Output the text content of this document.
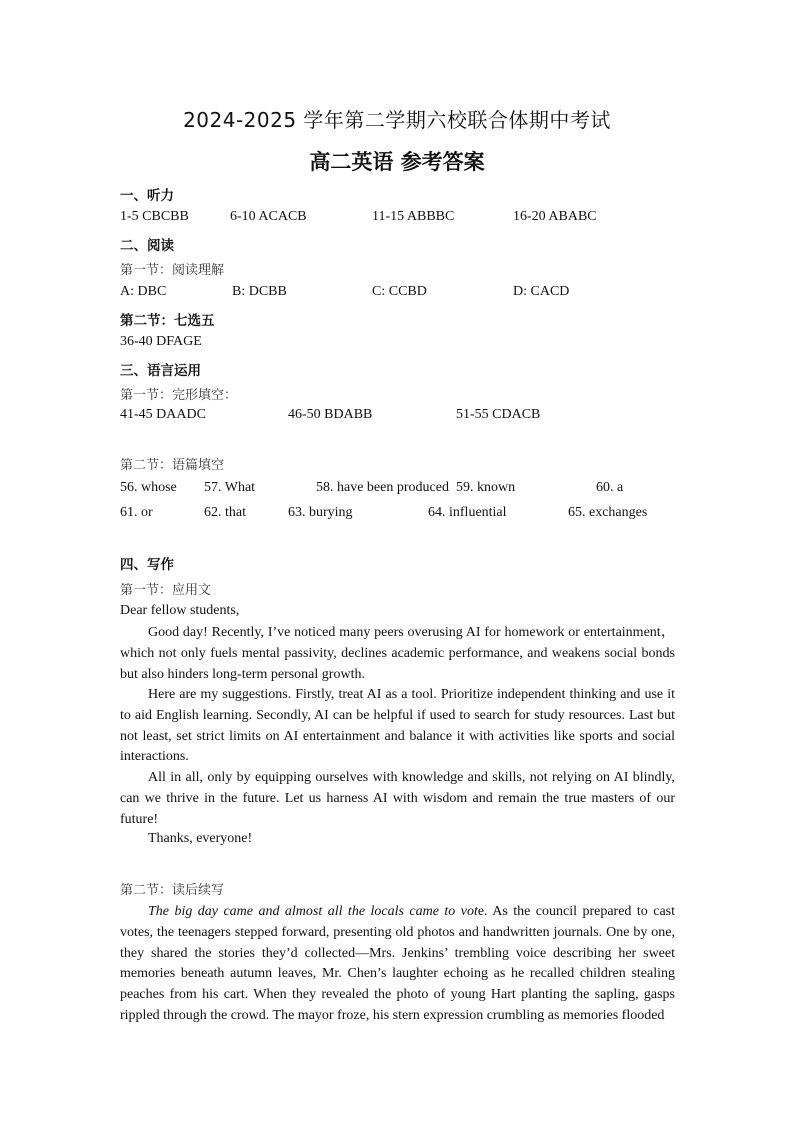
2024-2025 学年第二学期六校联合体期中考试
高二英语 参考答案
一、听力
1-5 CBCBB	6-10 ACACB	11-15 ABBBC	16-20 ABABC
二、阅读
第一节：阅读理解
A: DBC	B: DCBB	C: CCBD	D: CACD
第二节：七选五
36-40 DFAGE
三、语言运用
第一节：完形填空：
41-45 DAADC	46-50 BDABB	51-55 CDACB
第二节：语篇填空
56. whose 57. What	58. have been produced 59. known	60. a
61. or	62. that	63. burying	64. influential	65. exchanges
四、写作
第一节：应用文
Dear fellow students,
Good day! Recently, I’ve noticed many peers overusing AI for homework or entertainment，which not only fuels mental passivity, declines academic performance, and weakens social bonds but also hinders long-term personal growth.
Here are my suggestions. Firstly, treat AI as a tool. Prioritize independent thinking and use it to aid English learning. Secondly, AI can be helpful if used to search for study resources. Last but not least, set strict limits on AI entertainment and balance it with activities like sports and social interactions.
All in all, only by equipping ourselves with knowledge and skills, not relying on AI blindly, can we thrive in the future. Let us harness AI with wisdom and remain the true masters of our future!
Thanks, everyone!
第二节：读后续写
The big day came and almost all the locals came to vote. As the council prepared to cast votes, the teenagers stepped forward, presenting old photos and handwritten journals. One by one, they shared the stories they’d collected—Mrs. Jenkins’ trembling voice describing her sweet memories beneath autumn leaves, Mr. Chen’s laughter echoing as he recalled children stealing peaches from his cart. When they revealed the photo of young Hart planting the sapling, gasps rippled through the crowd. The mayor froze, his stern expression crumbling as memories flooded
